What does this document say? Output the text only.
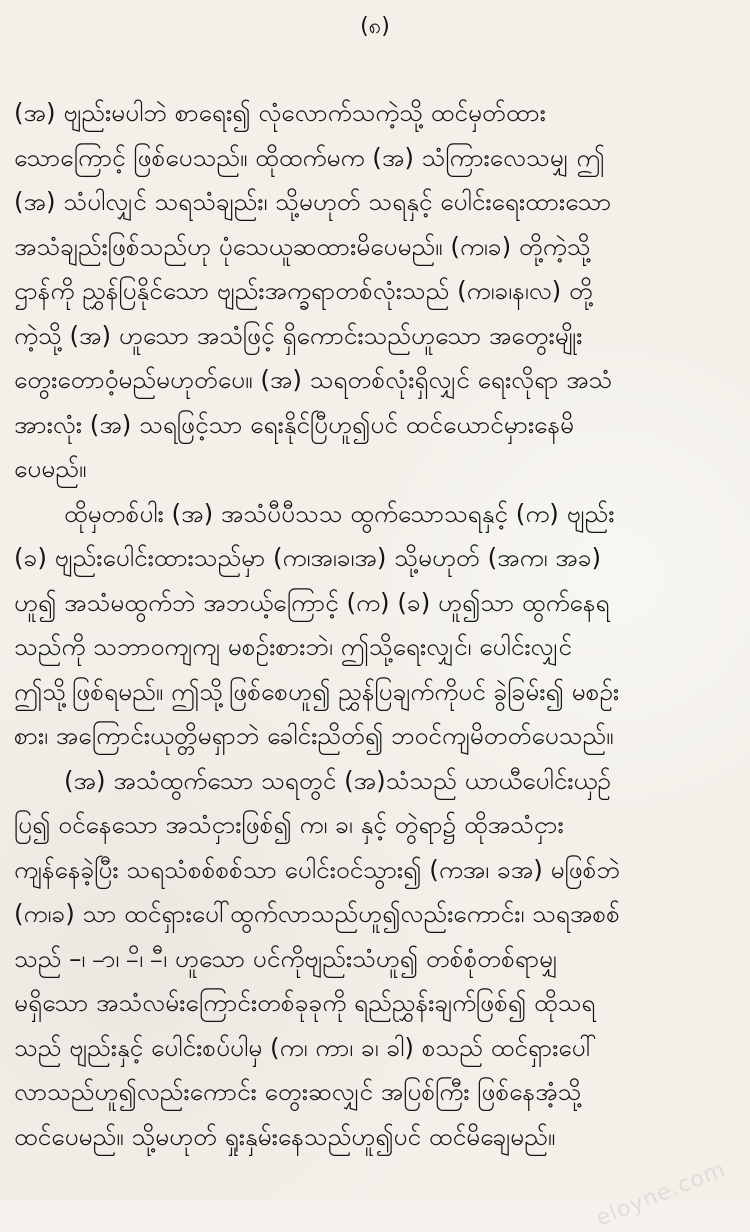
(၈)

(အ) ဗျည်းမပါဘဲ စာရေး၍ လုံလောက်သကဲ့သို့ ထင်မှတ်ထား
သောကြောင့် ဖြစ်ပေသည်။ ထိုထက်မက (အ) သံကြားလေသမျှ ဤ
(အ) သံပါလျှင် သရသံချည်း၊ သို့မဟုတ် သရနှင့် ပေါင်းရေးထားသော
အသံချည်းဖြစ်သည်ဟု ပုံသေယူဆထားမိပေမည်။ (က၊ခ) တို့ကဲ့သို့
ဌာန်ကို ညွှန်ပြနိုင်သော ဗျည်းအက္ခရာတစ်လုံးသည် (က၊ခ၊န၊လ) တို့
ကဲ့သို့ (အ) ဟူသော အသံဖြင့် ရှိကောင်းသည်ဟူသော အတွေးမျိုး
တွေးတောဝံ့မည်မဟုတ်ပေ။ (အ) သရတစ်လုံးရှိလျှင် ရေးလိုရာ အသံ
အားလုံး (အ) သရဖြင့်သာ ရေးနိုင်ပြီဟူ၍ပင် ထင်ယောင်မှားနေမိ
ပေမည်။

ထိုမှတစ်ပါး (အ) အသံပီပီသသ ထွက်သောသရနှင့် (က) ဗျည်း
(ခ) ဗျည်းပေါင်းထားသည်မှာ (က၊အ၊ခ၊အ) သို့မဟုတ် (အက၊ အခ)
ဟူ၍ အသံမထွက်ဘဲ အဘယ့်ကြောင့် (က) (ခ) ဟူ၍သာ ထွက်နေရ
သည်ကို သဘာဝကျကျ မစဉ်းစားဘဲ၊ ဤသို့ရေးလျှင်၊ ပေါင်းလျှင်
ဤသို့ဖြစ်ရမည်။ ဤသို့ဖြစ်စေဟူ၍ ညွှန်ပြချက်ကိုပင် ခွဲခြမ်း၍ မစဉ်း
စား၊ အကြောင်းယုတ္တိမရှာဘဲ ခေါင်းညိတ်၍ ဘဝင်ကျမိတတ်ပေသည်။

(အ) အသံထွက်သော သရတွင် (အ)သံသည် ယာယီပေါင်းယှဉ်
ပြ၍ ဝင်နေသော အသံငှားဖြစ်၍ က၊ ခ၊ နှင့် တွဲရာ၌ ထိုအသံငှား
ကျန်နေခဲ့ပြီး သရသံစစ်စစ်သာ ပေါင်းဝင်သွား၍ (ကအ၊ ခအ) မဖြစ်ဘဲ
(က၊ခ) သာ ထင်ရှားပေါ်ထွက်လာသည်ဟူ၍လည်းကောင်း၊ သရအစစ်
သည် –၊ –ာ၊ –ိ၊ –ီ၊ ဟူသော ပင်ကိုဗျည်းသံဟူ၍ တစ်စုံတစ်ရာမျှ
မရှိသော အသံလမ်းကြောင်းတစ်ခုခုကို ရည်ညွှန်းချက်ဖြစ်၍ ထိုသရ
သည် ဗျည်းနှင့် ပေါင်းစပ်ပါမှ (က၊ ကာ၊ ခ၊ ခါ) စသည် ထင်ရှားပေါ်
လာသည်ဟူ၍လည်းကောင်း တွေးဆလျှင် အပြစ်ကြီး ဖြစ်နေအံ့သို့
ထင်ပေမည်။ သို့မဟုတ် ရှုးနှမ်းနေသည်ဟူ၍ပင် ထင်မိချေမည်။

eloyne.com
